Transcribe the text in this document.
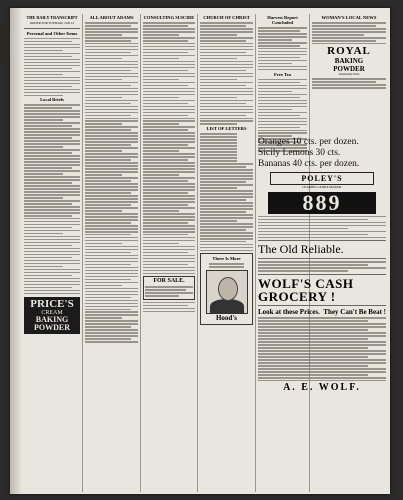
THE DAILY TRANSCRIPT
ORDER FOR TUESDAY, JAN 12
Personal and Other Items
Local Briefs
PRICE'S
CREAM
BAKING
POWDER
ALL ABOUT ADAMS	CONSULTING SUICIDE
FOR SALE.
CHURCH OF CHRIST
LIST OF LETTERS
There Is More
Hood's
Harvest Report Concluded
Free Tea
WOMAN'S LOCAL NEWS
ROYAL
BAKING
POWDER
Absolutely Pure
Oranges 10 cts. per dozen.
Sicily Lemons 30 cts.
Bananas 40 cts. per dozen.
POLEY'S
LEADING CANDY-MAKER.
889
The Old Reliable.
WOLF'S CASH GROCERY !
Look at these Prices. They Can't Be Beat !
A. E. WOLF.
